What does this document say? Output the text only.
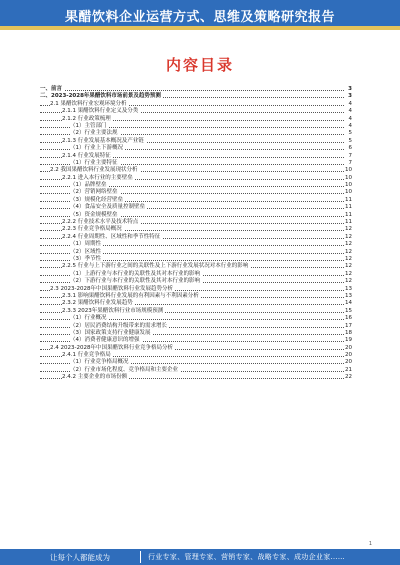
果醋饮料企业运营方式、思维及策略研究报告
内容目录
一、前言	3
二、2023-2028年果醋饮料市场前景及趋势预测	3
2.1 果醋饮料行业宏观环境分析	4
2.1.1 果醋饮料行业定义及分类	4
2.1.2 行业政策梳理	4
（1）主管部门	4
（2）行业主要法规	5
2.1.3 行业发展基本概况及产业链	5
（1）行业上下游概况	6
2.1.4 行业发展特征	7
（1）行业主要特征	7
2.2 我国果醋饮料行业发展现状分析	10
2.2.1 进入本行业的主要壁垒	10
（1）品牌壁垒	10
（2）营销网络壁垒	10
（3）规模化经营壁垒	11
（4）食品安全及质量控制壁垒	11
（5）资金规模壁垒	11
2.2.2 行业技术水平及技术特点	11
2.2.3 行业竞争格局概况	12
2.2.4 行业周期性、区域性和季节性特征	12
（1）周期性	12
（2）区域性	12
（3）季节性	12
2.2.5 行业与上下游行业之间的关联性及上下游行业发展状况对本行业的影响	12
（1）上游行业与本行业的关联性及其对本行业的影响	12
（2）下游行业与本行业的关联性及其对本行业的影响	12
2.3 2023-2028年中国果醋饮料行业发展趋势分析	13
2.3.1 影响果醋饮料行业发展的有利因素与不利因素分析	13
2.3.2 果醋饮料行业发展趋势	14
2.3.3 2023年果醋饮料行业市场规模预测	15
（1）行业概况	16
（2）居民消费结构升级带来的需求增长	17
（3）国家政策支持行业健康发展	18
（4）消费者健康意识的增强	19
2.4 2023-2028年中国果醋饮料行业竞争格局分析	20
2.4.1 行业竞争格局	20
（1）行业竞争格局概况	20
（2）行业市场化程度、竞争格局和主要企业	21
2.4.2 主要企业的市场份额	22
1
让每个人都能成为	行业专家、管理专家、营销专家、战略专家、成功企业家……
